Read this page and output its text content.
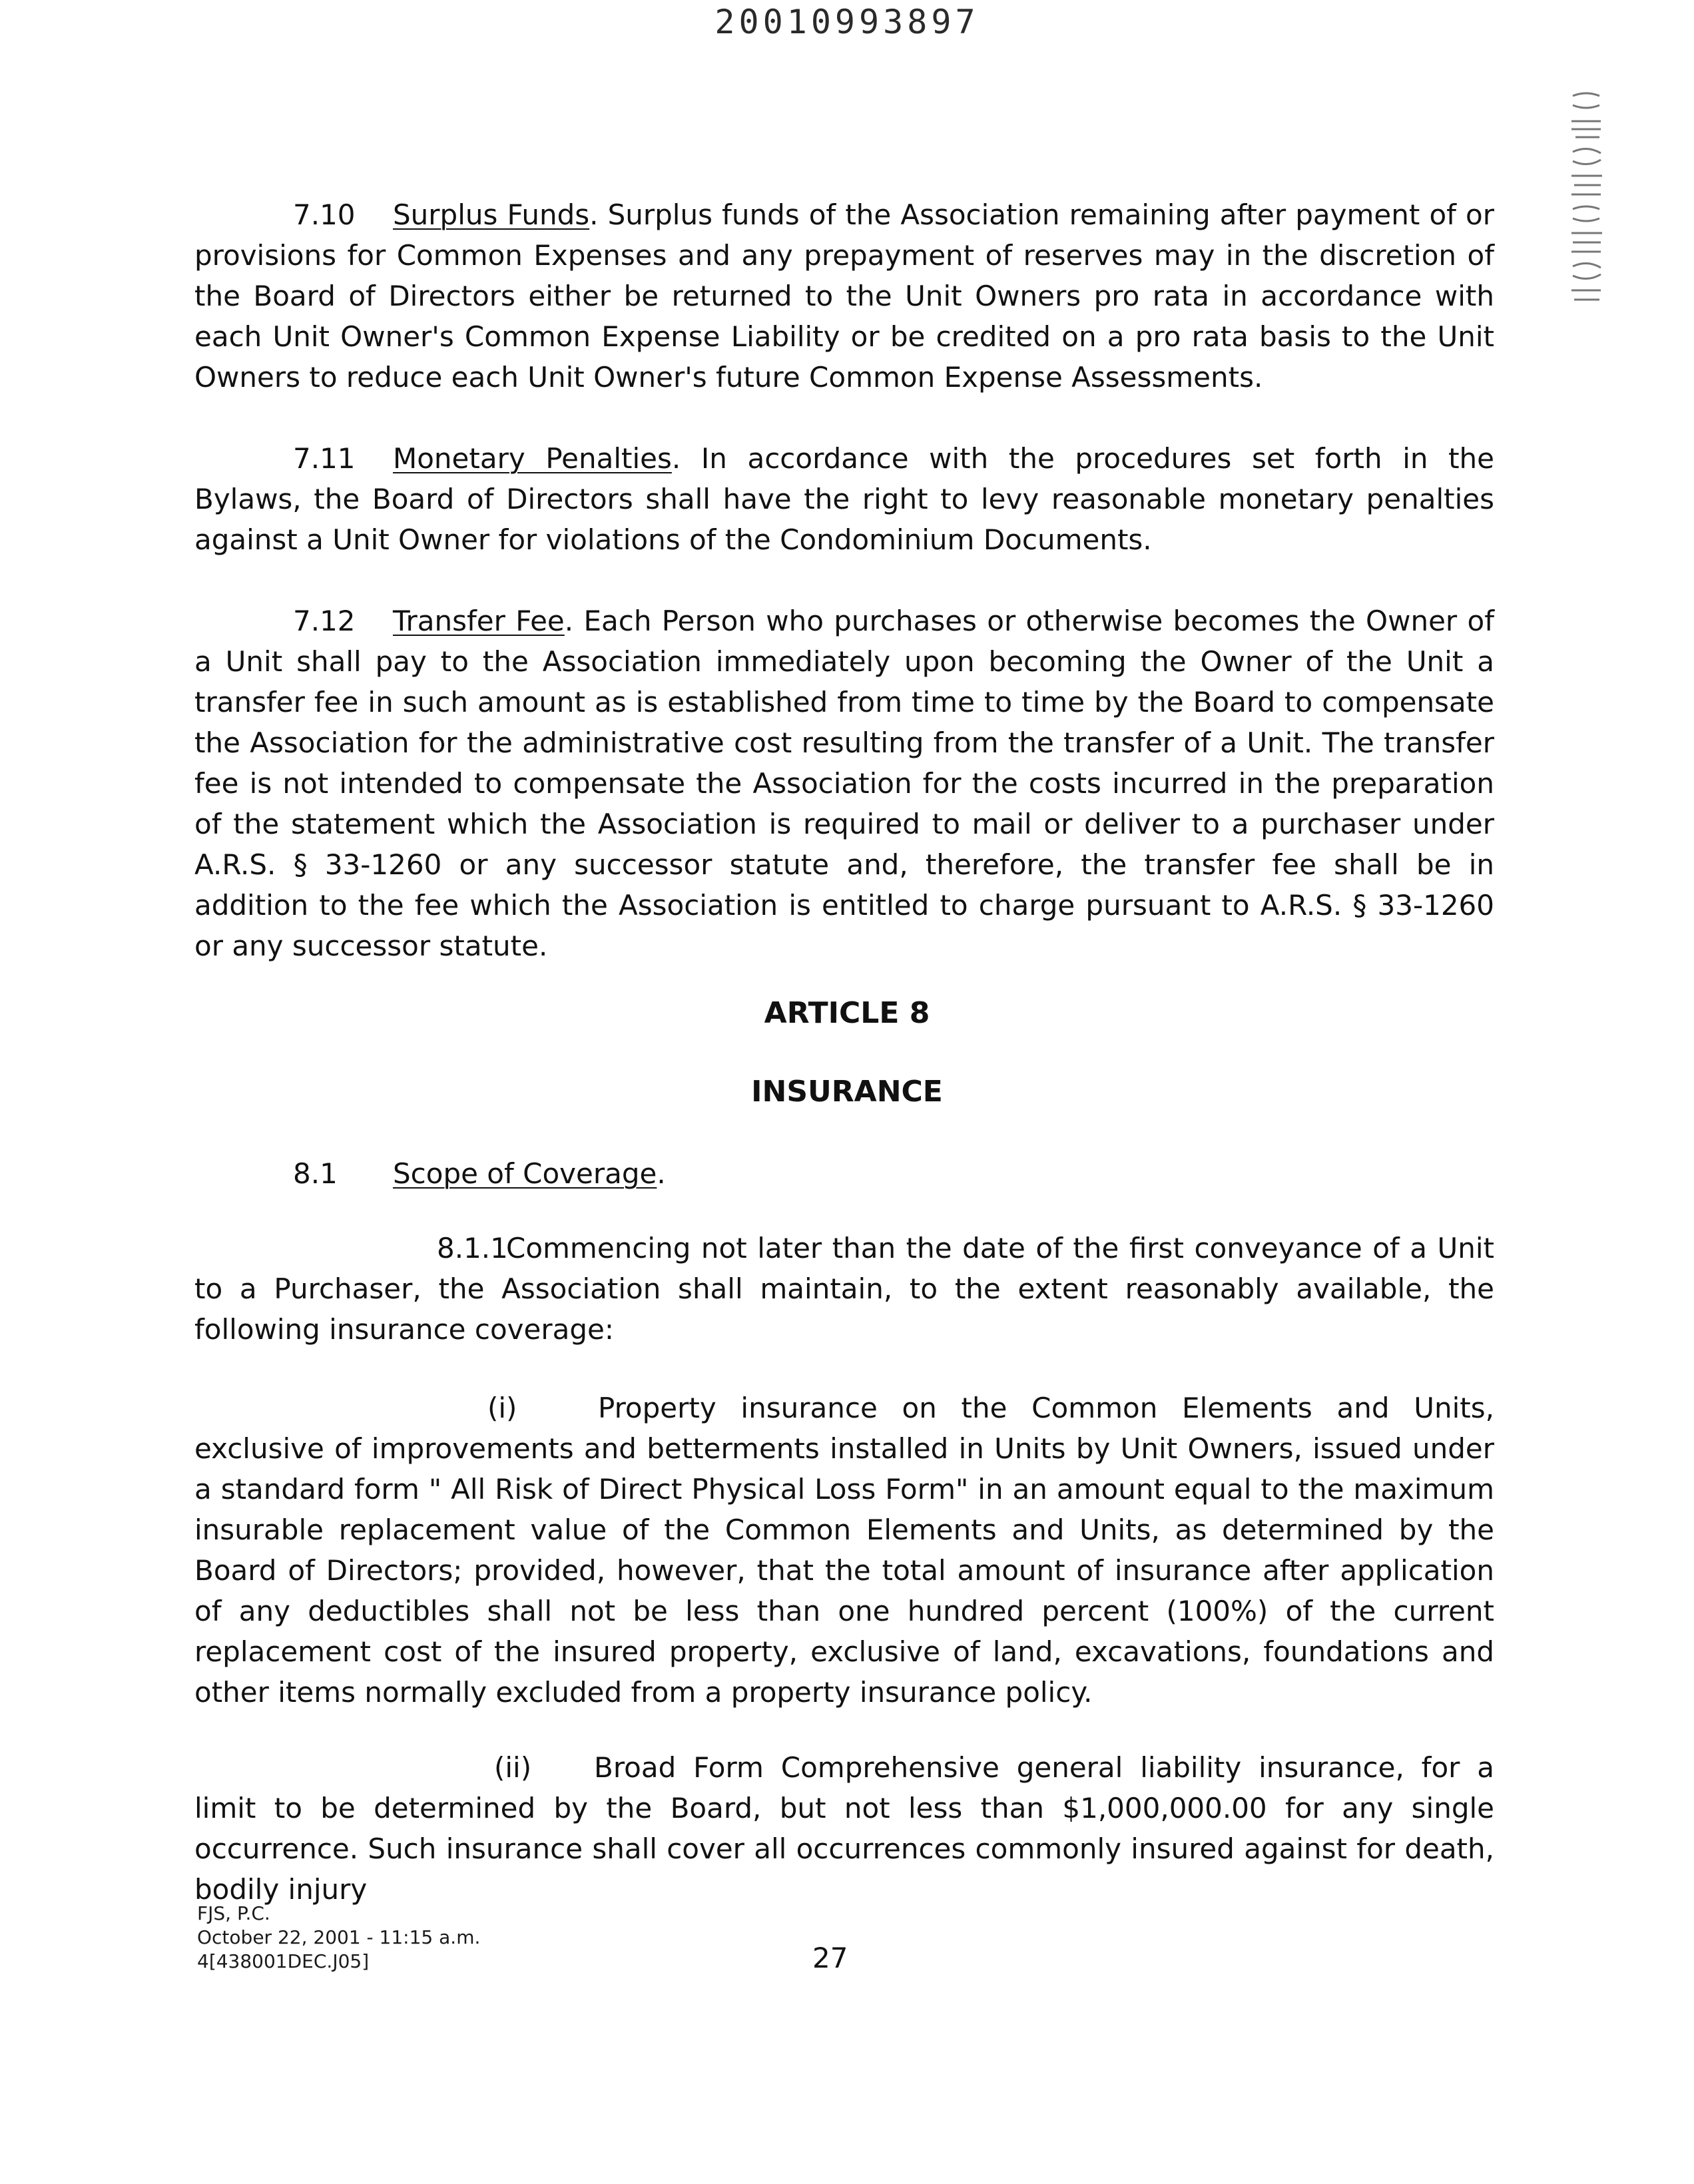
20010993897

7.10 Surplus Funds. Surplus funds of the Association remaining after payment of or provisions for Common Expenses and any prepayment of reserves may in the discretion of the Board of Directors either be returned to the Unit Owners pro rata in accordance with each Unit Owner's Common Expense Liability or be credited on a pro rata basis to the Unit Owners to reduce each Unit Owner's future Common Expense Assessments.

7.11 Monetary Penalties. In accordance with the procedures set forth in the Bylaws, the Board of Directors shall have the right to levy reasonable monetary penalties against a Unit Owner for violations of the Condominium Documents.

7.12 Transfer Fee. Each Person who purchases or otherwise becomes the Owner of a Unit shall pay to the Association immediately upon becoming the Owner of the Unit a transfer fee in such amount as is established from time to time by the Board to compensate the Association for the administrative cost resulting from the transfer of a Unit. The transfer fee is not intended to compensate the Association for the costs incurred in the preparation of the statement which the Association is required to mail or deliver to a purchaser under A.R.S. § 33-1260 or any successor statute and, therefore, the transfer fee shall be in addition to the fee which the Association is entitled to charge pursuant to A.R.S. § 33-1260 or any successor statute.

ARTICLE 8

INSURANCE

8.1 Scope of Coverage.

8.1.1Commencing not later than the date of the first conveyance of a Unit to a Purchaser, the Association shall maintain, to the extent reasonably available, the following insurance coverage:

(i)	Property insurance on the Common Elements and Units, exclusive of improvements and betterments installed in Units by Unit Owners, issued under a standard form " All Risk of Direct Physical Loss Form" in an amount equal to the maximum insurable replacement value of the Common Elements and Units, as determined by the Board of Directors; provided, however, that the total amount of insurance after application of any deductibles shall not be less than one hundred percent (100%) of the current replacement cost of the insured property, exclusive of land, excavations, foundations and other items normally excluded from a property insurance policy.

(ii) Broad Form Comprehensive general liability insurance, for a limit to be determined by the Board, but not less than $1,000,000.00 for any single occurrence. Such insurance shall cover all occurrences commonly insured against for death, bodily injury

FJS, P.C.
October 22, 2001 - 11:15 a.m.
4[438001DEC.J05]	27
